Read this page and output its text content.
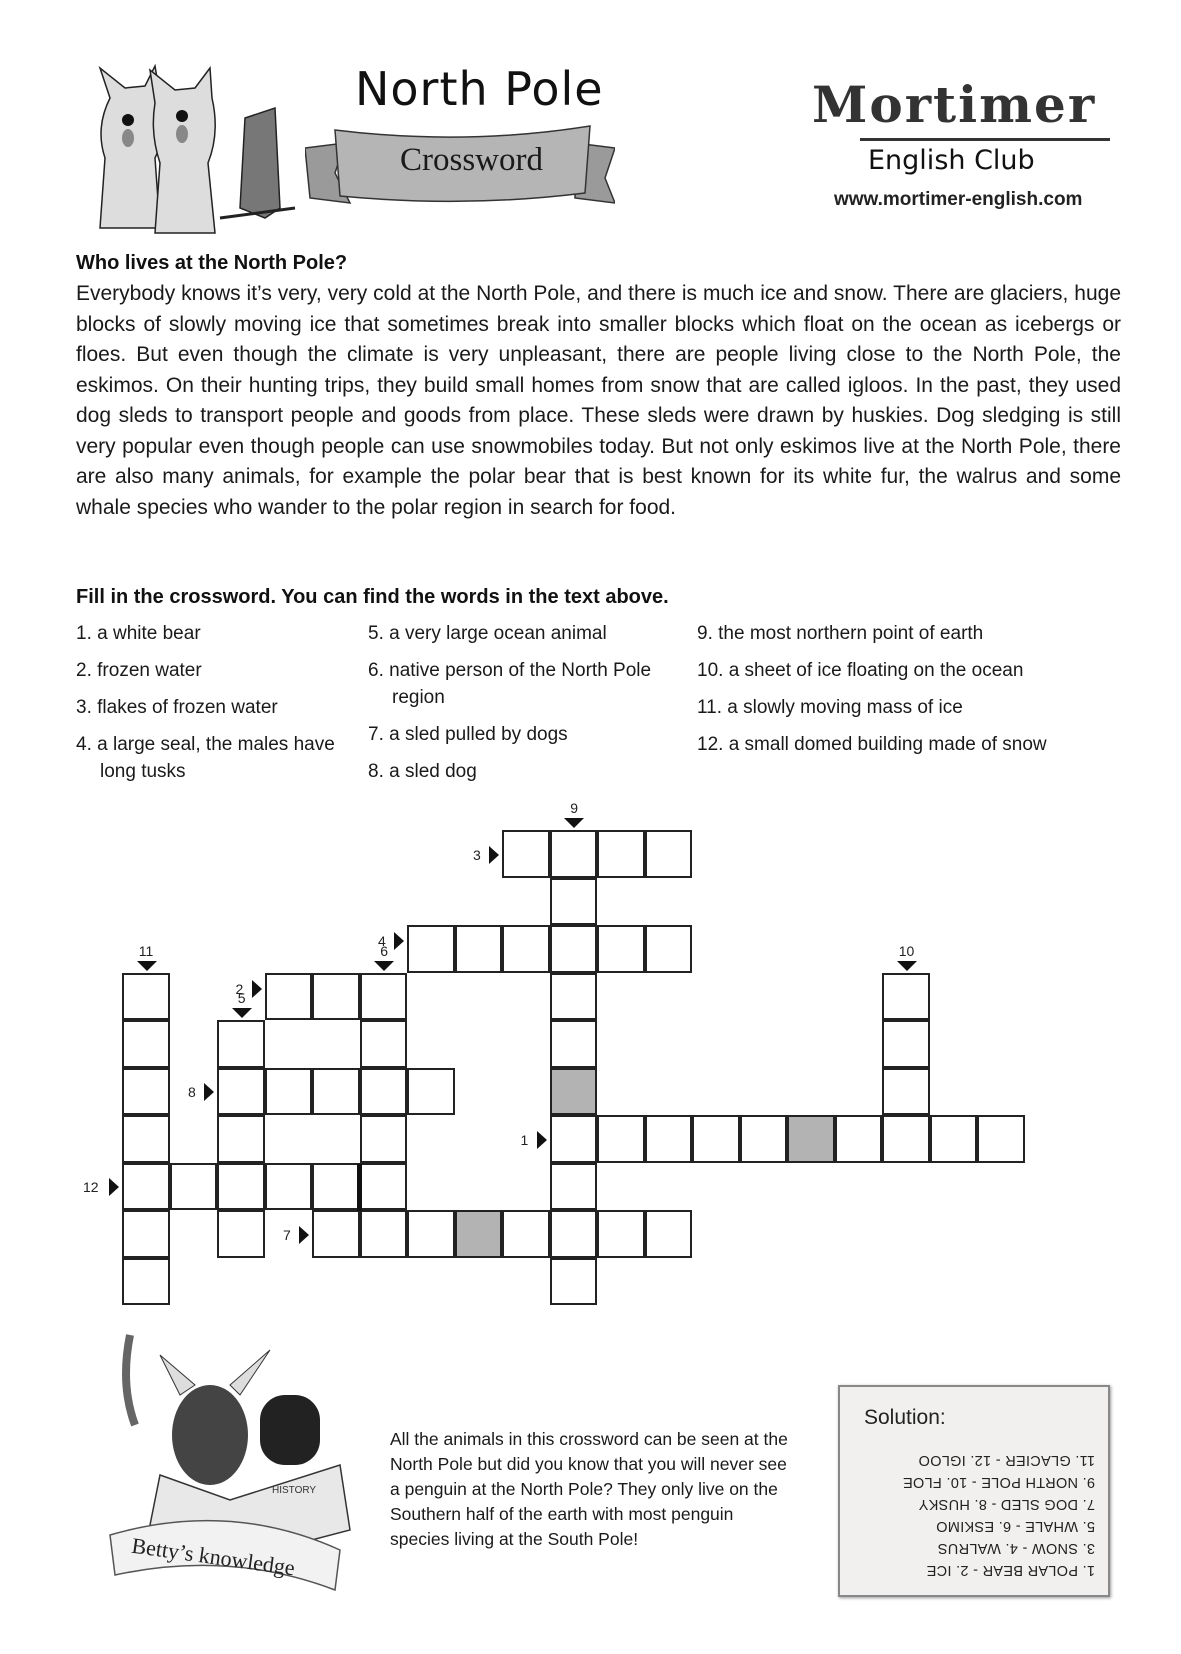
North Pole
Crossword
Mortimer
English Club
www.mortimer-english.com
Who lives at the North Pole?
Everybody knows it’s very, very cold at the North Pole, and there is much ice and snow. There are glaciers, huge blocks of slowly moving ice that sometimes break into smaller blocks which float on the ocean as icebergs or floes. But even though the climate is very unpleasant, there are people living close to the North Pole, the eskimos. On their hunting trips, they build small homes from snow that are called igloos. In the past, they used dog sleds to transport people and goods from place. These sleds were drawn by huskies. Dog sledging is still very popular even though people can use snowmobiles today. But not only eskimos live at the North Pole, there are also many animals, for example the polar bear that is best known for its white fur, the walrus and some whale species who wander to the polar region in search for food.
Fill in the crossword. You can find the words in the text above.
1. a white bear
2. frozen water
3. flakes of frozen water
4. a large seal, the males have long tusks
5. a very large ocean animal
6. native person of the North Pole region
7. a sled pulled by dogs
8. a sled dog
9. the most northern point of earth
10. a sheet of ice floating on the ocean
11. a slowly moving mass of ice
12. a small domed building made of snow
1
2
3
4
5
6
7
8
9
10
11
12
HISTORY
Betty’s knowledge
All the animals in this crossword can be seen at the North Pole but did you know that you will never see a penguin at the North Pole? They only live on the Southern half of the earth with most penguin species living at the South Pole!
Solution:
1. POLAR BEAR - 2. ICE
3. SNOW - 4. WALRUS
5. WHALE - 6. ESKIMO
7. DOG SLED - 8. HUSKY
9. NORTH POLE - 10. FLOE
11. GLACIER - 12. IGLOO
